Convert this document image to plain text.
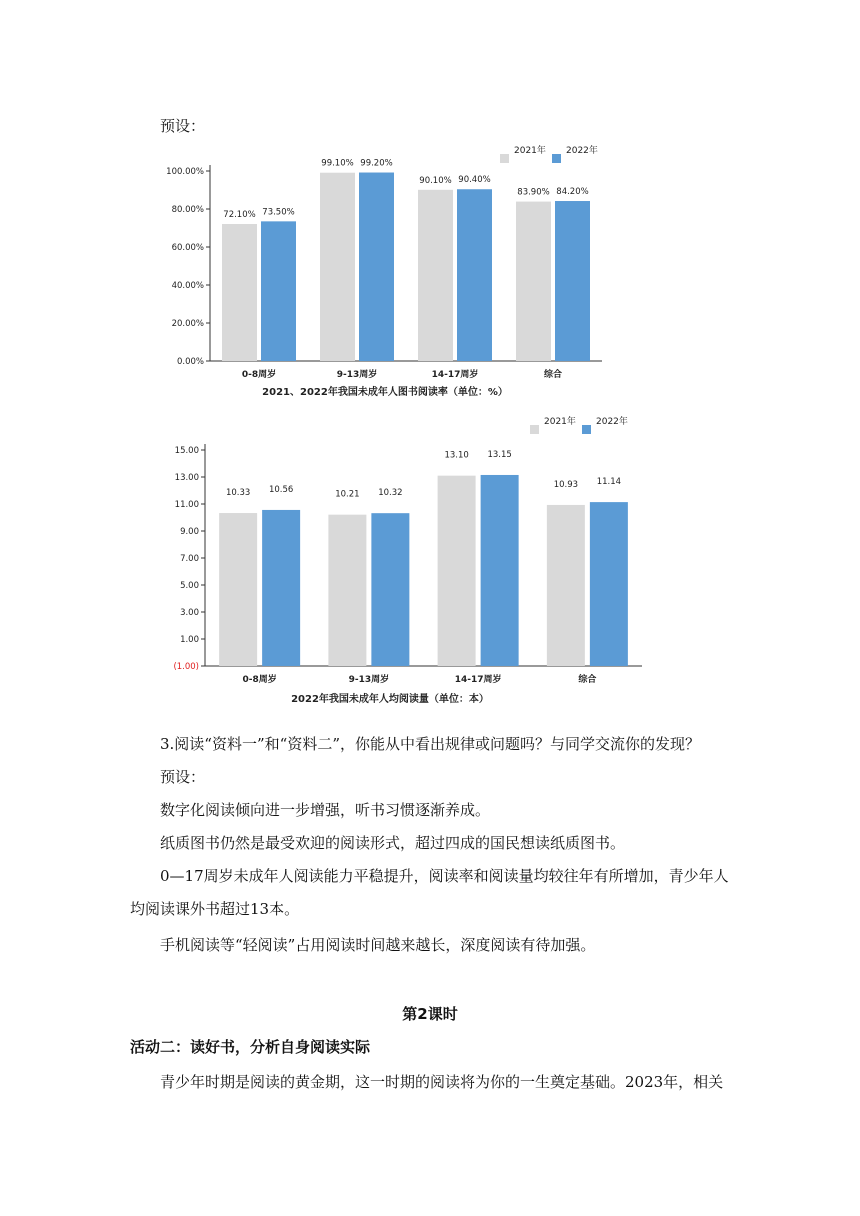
预设：
100.00%
80.00%
60.00%
40.00%
20.00%
0.00%
72.10% 73.50%
0-8周岁
99.10% 99.20%
9-13周岁
90.10% 90.40%
14-17周岁
83.90% 84.20%
综合
2021年 2022年
2021、2022年我国未成年人图书阅读率（单位：%）
15.00
13.00
11.00
9.00
7.00
5.00
3.00
1.00
(1.00)
10.33 10.56
0-8周岁
10.21 10.32
9-13周岁
13.10 13.15
14-17周岁
10.93 11.14
综合
2021年 2022年
2022年我国未成年人均阅读量（单位：本）
3.阅读“资料一”和“资料二”，你能从中看出规律或问题吗？与同学交流你的发现？
预设：
数字化阅读倾向进一步增强，听书习惯逐渐养成。
纸质图书仍然是最受欢迎的阅读形式，超过四成的国民想读纸质图书。
0—17周岁未成年人阅读能力平稳提升，阅读率和阅读量均较往年有所增加，青少年人
均阅读课外书超过13本。
手机阅读等“轻阅读”占用阅读时间越来越长，深度阅读有待加强。
第2课时
活动二：读好书，分析自身阅读实际
青少年时期是阅读的黄金期，这一时期的阅读将为你的一生奠定基础。2023年，相关
